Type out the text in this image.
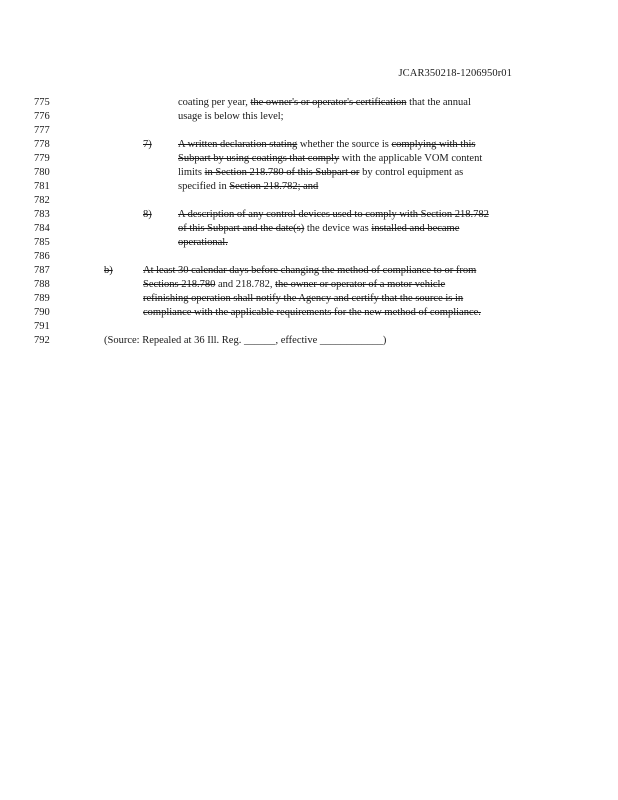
JCAR350218-1206950r01
775
776
777
778
779
780
781
782
783
784
785
786
787
788
789
790
791
792
coating per year, the owner's or operator's certification that the annual
usage is below this level;
7)	A written declaration stating whether the source is complying with this
Subpart by using coatings that comply with the applicable VOM content
limits in Section 218.780 of this Subpart or by control equipment as
specified in Section 218.782; and
8)	A description of any control devices used to comply with Section 218.782
of this Subpart and the date(s) the device was installed and became
operational.
b)	At least 30 calendar days before changing the method of compliance to or from
Sections 218.780 and 218.782, the owner or operator of a motor vehicle
refinishing operation shall notify the Agency and certify that the source is in
compliance with the applicable requirements for the new method of compliance.
(Source: Repealed at 36 Ill. Reg. ______, effective ____________)
